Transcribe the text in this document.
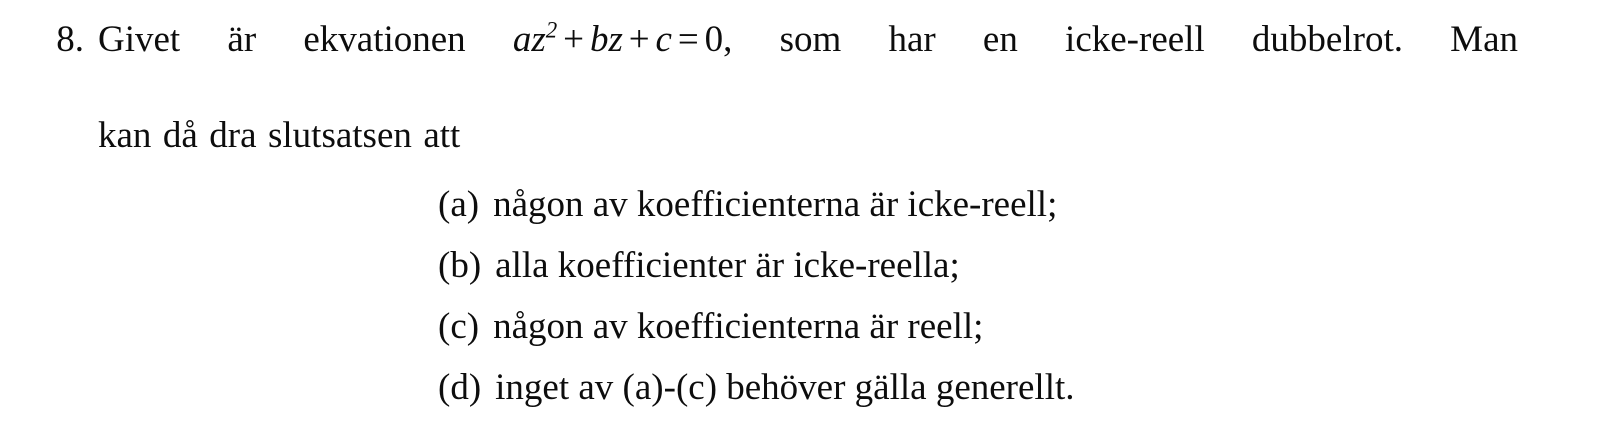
8. Givet är ekvationen $az^2$ + bz + c = 0, som har en icke-reell dubbelrot. Man
kan då dra slutsatsen att
(a) någon av koefficienterna är icke-reell;
(b) alla koefficienter är icke-reella;
(c) någon av koefficienterna är reell;
(d) inget av (a)-(c) behöver gälla generellt.
